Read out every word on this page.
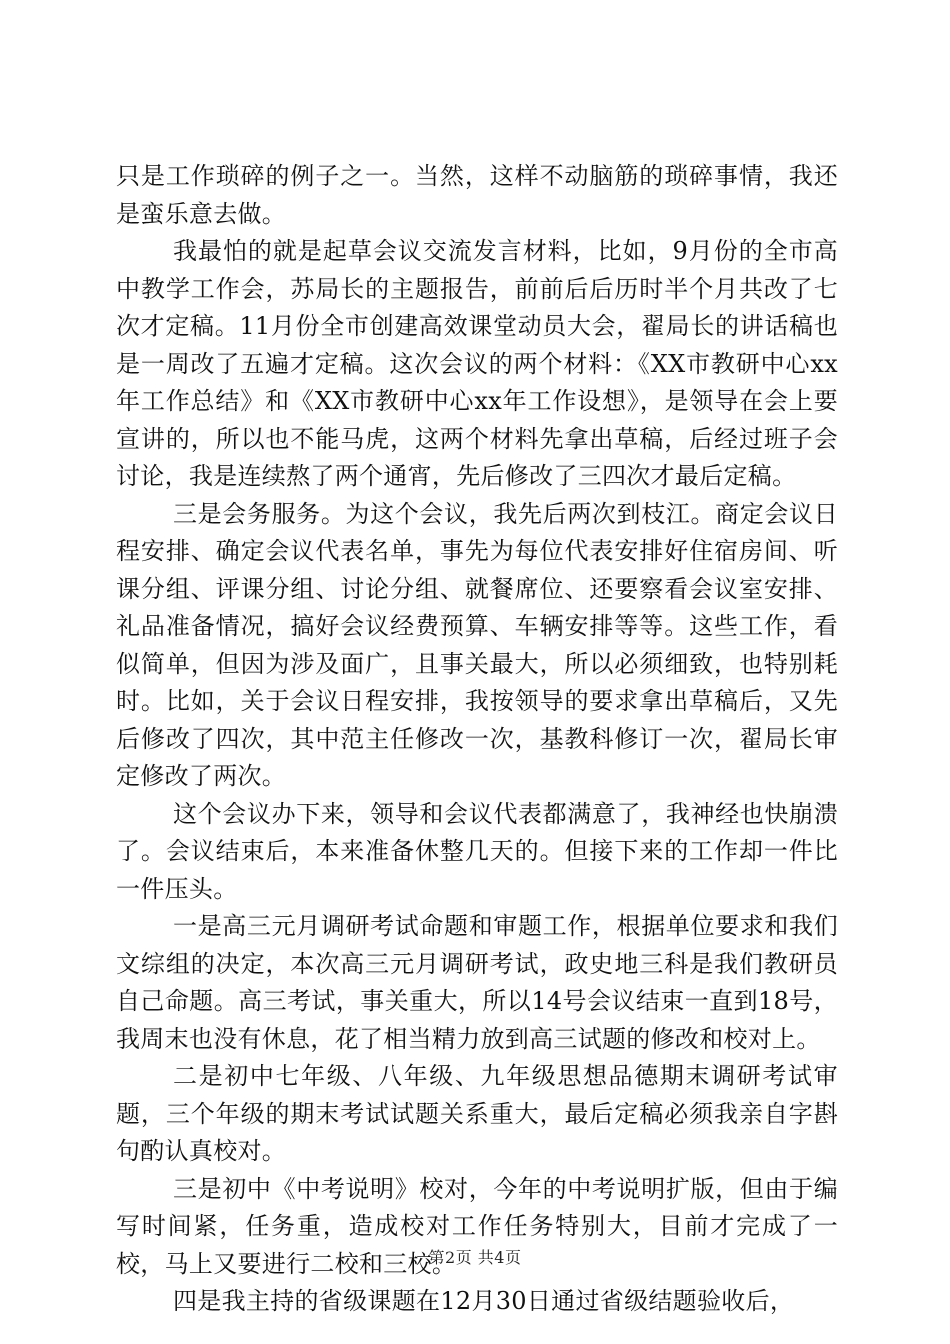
只是工作琐碎的例子之一。当然，这样不动脑筋的琐碎事情，我还是蛮乐意去做。

我最怕的就是起草会议交流发言材料，比如，9月份的全市高中教学工作会，苏局长的主题报告，前前后后历时半个月共改了七次才定稿。11月份全市创建高效课堂动员大会，翟局长的讲话稿也是一周改了五遍才定稿。这次会议的两个材料：《XX市教研中心xx年工作总结》和《XX市教研中心xx年工作设想》，是领导在会上要宣讲的，所以也不能马虎，这两个材料先拿出草稿，后经过班子会讨论，我是连续熬了两个通宵，先后修改了三四次才最后定稿。

三是会务服务。为这个会议，我先后两次到枝江。商定会议日程安排、确定会议代表名单，事先为每位代表安排好住宿房间、听课分组、评课分组、讨论分组、就餐席位、还要察看会议室安排、礼品准备情况，搞好会议经费预算、车辆安排等等。这些工作，看似简单，但因为涉及面广，且事关最大，所以必须细致，也特别耗时。比如，关于会议日程安排，我按领导的要求拿出草稿后，又先后修改了四次，其中范主任修改一次，基教科修订一次，翟局长审定修改了两次。

这个会议办下来，领导和会议代表都满意了，我神经也快崩溃了。会议结束后，本来准备休整几天的。但接下来的工作却一件比一件压头。

一是高三元月调研考试命题和审题工作，根据单位要求和我们文综组的决定，本次高三元月调研考试，政史地三科是我们教研员自己命题。高三考试，事关重大，所以14号会议结束一直到18号，我周末也没有休息，花了相当精力放到高三试题的修改和校对上。

二是初中七年级、八年级、九年级思想品德期末调研考试审题，三个年级的期末考试试题关系重大，最后定稿必须我亲自字斟句酌认真校对。

三是初中《中考说明》校对，今年的中考说明扩版，但由于编写时间紧，任务重，造成校对工作任务特别大，目前才完成了一校，马上又要进行二校和三校。

四是我主持的省级课题在12月30日通过省级结题验收后，

第2页 共4页
